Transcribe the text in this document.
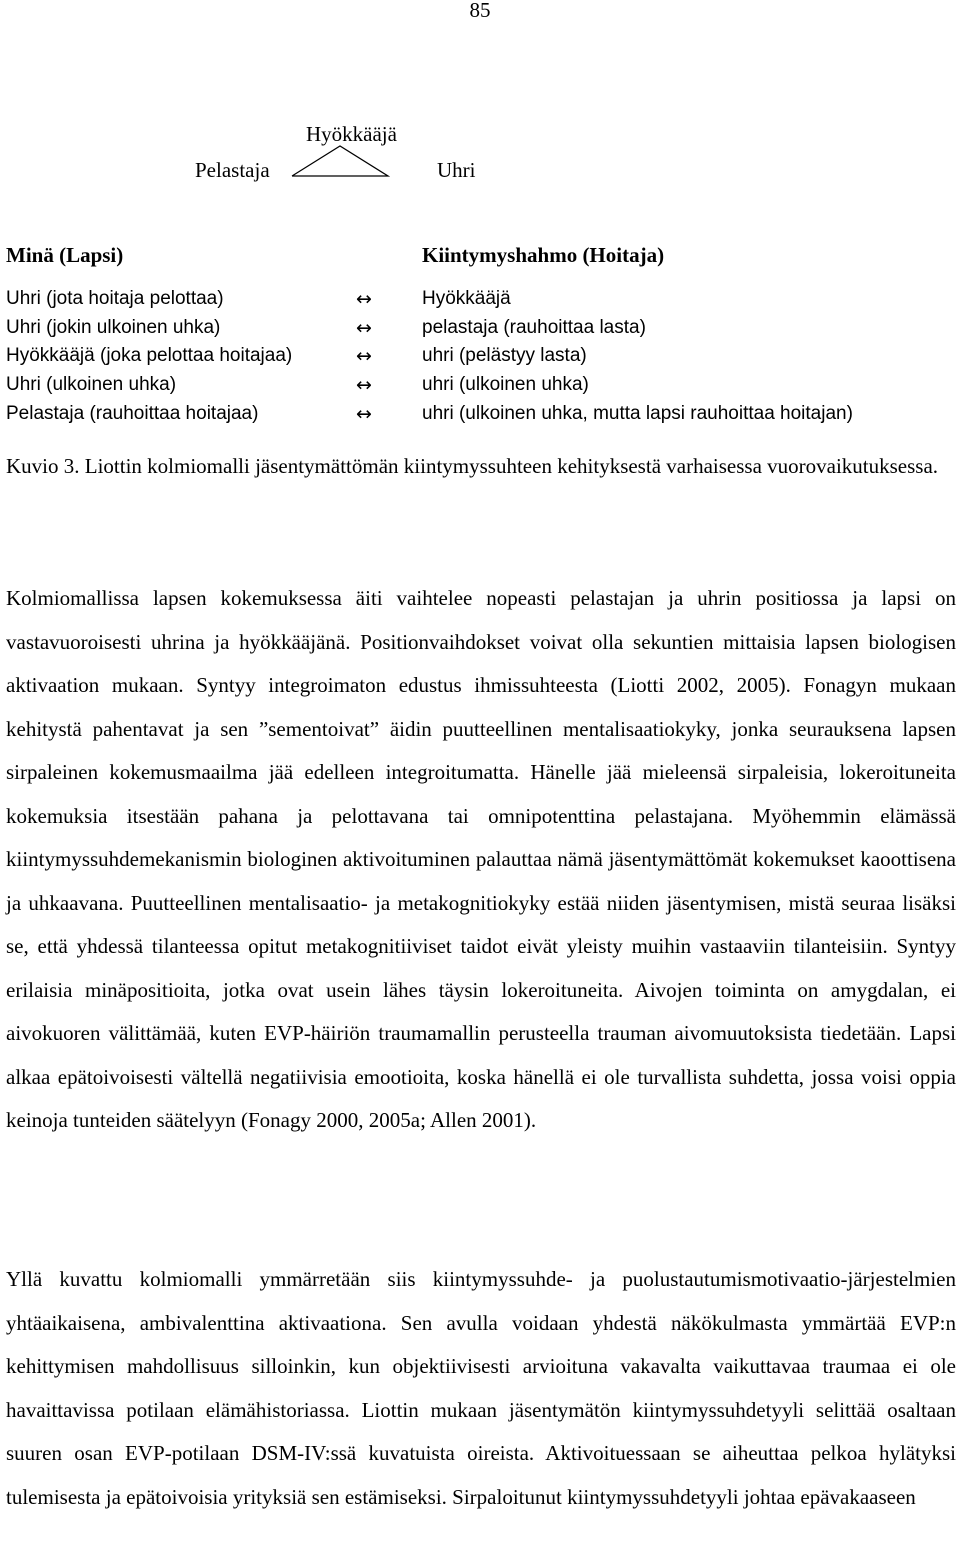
85
Hyökkääjä
Pelastaja	Uhri
Minä (Lapsi)	Kiintymyshahmo (Hoitaja)
Uhri (jota hoitaja pelottaa)	↔	Hyökkääjä
Uhri (jokin ulkoinen uhka)	↔	pelastaja (rauhoittaa lasta)
Hyökkääjä (joka pelottaa hoitajaa)	↔	uhri (pelästyy lasta)
Uhri (ulkoinen uhka)	↔	uhri (ulkoinen uhka)
Pelastaja (rauhoittaa hoitajaa)	↔	uhri (ulkoinen uhka, mutta lapsi rauhoittaa hoitajan)
Kuvio 3. Liottin kolmiomalli jäsentymättömän kiintymyssuhteen kehityksestä varhaisessa vuorovaikutuksessa.

Kolmiomallissa lapsen kokemuksessa äiti vaihtelee nopeasti pelastajan ja uhrin positiossa ja lapsi on vastavuoroisesti uhrina ja hyökkääjänä. Positionvaihdokset voivat olla sekuntien mittaisia lapsen biologisen aktivaation mukaan. Syntyy integroimaton edustus ihmissuhteesta (Liotti 2002, 2005). Fonagyn mukaan kehitystä pahentavat ja sen ”sementoivat” äidin puutteellinen mentalisaatiokyky, jonka seurauksena lapsen sirpaleinen kokemusmaailma jää edelleen integroitumatta. Hänelle jää mieleensä sirpaleisia, lokeroituneita kokemuksia itsestään pahana ja pelottavana tai omnipotenttina pelastajana. Myöhemmin elämässä kiintymyssuhdemekanismin biologinen aktivoituminen palauttaa nämä jäsentymättömät kokemukset kaoottisena ja uhkaavana. Puutteellinen mentalisaatio- ja metakognitiokyky estää niiden jäsentymisen, mistä seuraa lisäksi se, että yhdessä tilanteessa opitut metakognitiiviset taidot eivät yleisty muihin vastaaviin tilanteisiin. Syntyy erilaisia minäpositioita, jotka ovat usein lähes täysin lokeroituneita. Aivojen toiminta on amygdalan, ei aivokuoren välittämää, kuten EVP-häiriön traumamallin perusteella trauman aivomuutoksista tiedetään. Lapsi alkaa epätoivoisesti vältellä negatiivisia emootioita, koska hänellä ei ole turvallista suhdetta, jossa voisi oppia keinoja tunteiden säätelyyn (Fonagy 2000, 2005a; Allen 2001).

Yllä kuvattu kolmiomalli ymmärretään siis kiintymyssuhde- ja puolustautumismotivaatio-järjestelmien yhtäaikaisena, ambivalenttina aktivaationa. Sen avulla voidaan yhdestä näkökulmasta ymmärtää EVP:n kehittymisen mahdollisuus silloinkin, kun objektiivisesti arvioituna vakavalta vaikuttavaa traumaa ei ole havaittavissa potilaan elämähistoriassa. Liottin mukaan jäsentymätön kiintymyssuhdetyyli selittää osaltaan suuren osan EVP-potilaan DSM-IV:ssä kuvatuista oireista. Aktivoituessaan se aiheuttaa pelkoa hylätyksi tulemisesta ja epätoivoisia yrityksiä sen estämiseksi. Sirpaloitunut kiintymyssuhdetyyli johtaa epävakaaseen
